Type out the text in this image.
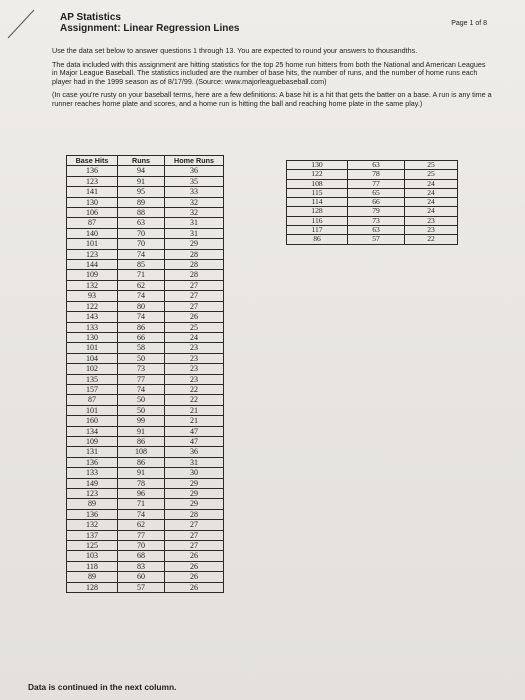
AP Statistics
Assignment: Linear Regression Lines	Page 1 of 8

Use the data set below to answer questions 1 through 13. You are expected to round your answers to thousandths.

The data included with this assignment are hitting statistics for the top 25 home run hitters from both the National and American Leagues in Major League Baseball. The statistics included are the number of base hits, the number of runs, and the number of home runs each player had in the 1999 season as of 8/17/99. (Source: www.majorleaguebaseball.com)

(In case you're rusty on your baseball terms, here are a few definitions: A base hit is a hit that gets the batter on a base. A run is any time a runner reaches home plate and scores, and a home run is hitting the ball and reaching home plate in the same play.)

Base Hits	Runs	Home Runs
136	94	36
123	91	35
141	95	33
130	89	32
106	88	32
87	63	31
140	70	31
101	70	29
123	74	28
144	85	28
109	71	28
132	62	27
93	74	27
122	80	27
143	74	26
133	86	25
130	66	24
101	58	23
104	50	23
102	73	23
135	77	23
157	74	22
87	50	22
101	50	21
160	99	21
134	91	47
109	86	47
131	108	36
136	86	31
133	91	30
149	78	29
123	96	29
89	71	29
136	74	28
132	62	27
137	77	27
125	70	27
103	68	26
118	83	26
89	60	26
128	57	26
130	63	25
122	78	25
108	77	24
115	65	24
114	66	24
128	79	24
116	73	23
117	63	23
86	57	22
Data is continued in the next column.
